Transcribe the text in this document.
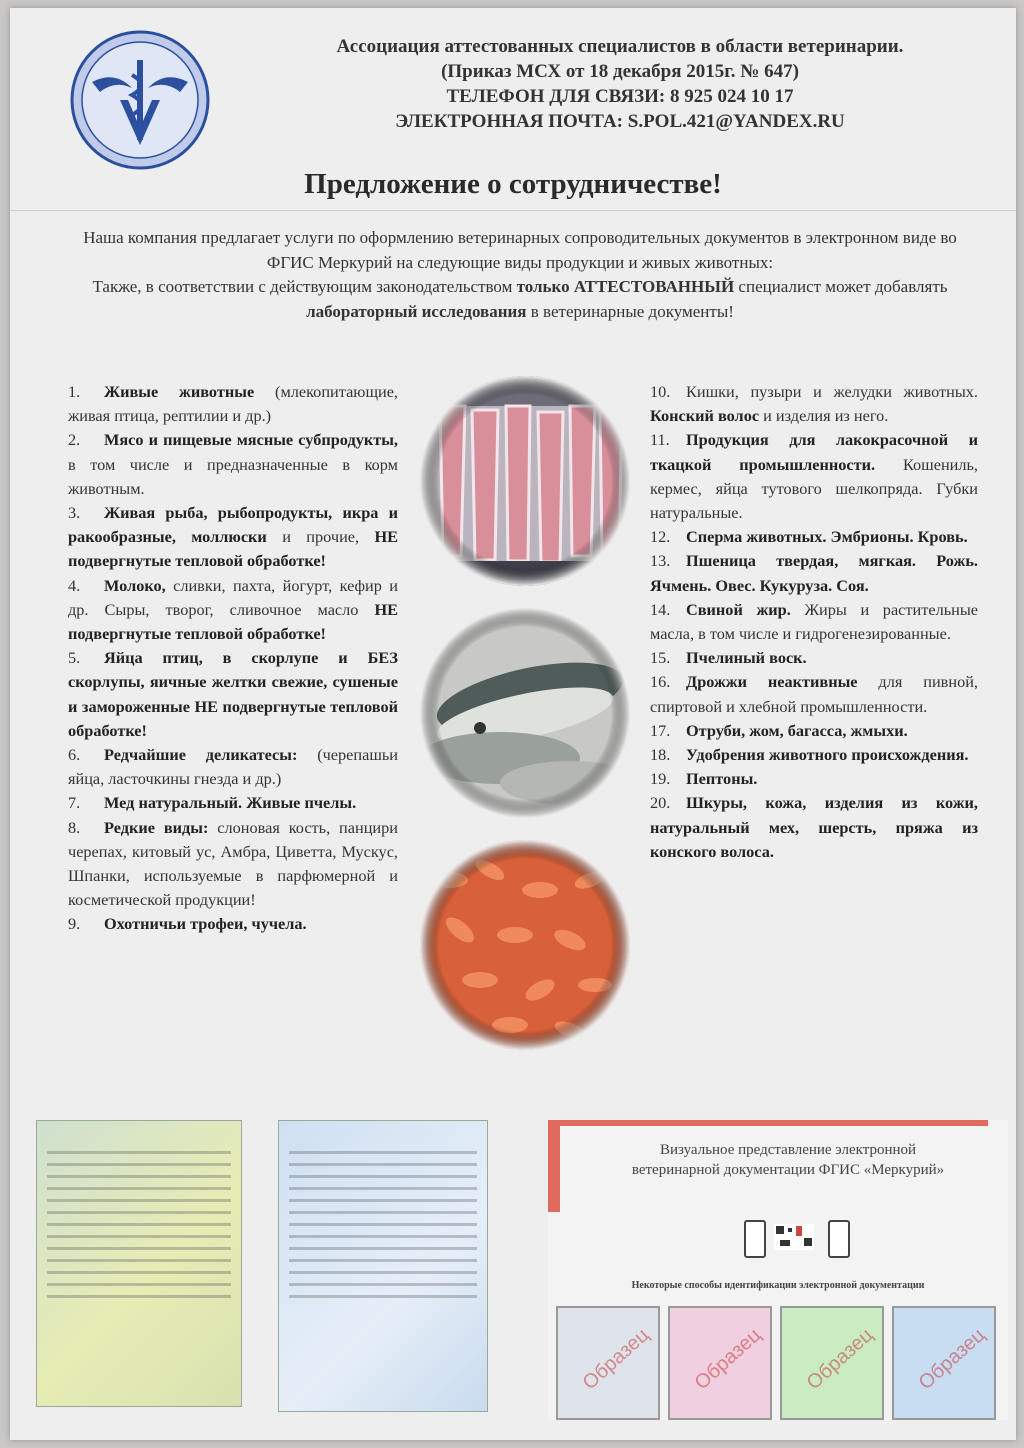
Ассоциация аттестованных специалистов в области ветеринарии.
(Приказ МСХ от 18 декабря 2015г. № 647)
ТЕЛЕФОН ДЛЯ СВЯЗИ: 8 925 024 10 17
ЭЛЕКТРОННАЯ ПОЧТА: S.POL.421@YANDEX.RU
Предложение о сотрудничестве!
Наша компания предлагает услуги по оформлению ветеринарных сопроводительных документов в электронном виде во ФГИС Меркурий на следующие виды продукции и живых животных:
Также, в соответствии с действующим законодательством только АТТЕСТОВАННЫЙ специалист может добавлять лабораторный исследования в ветеринарные документы!

1. Живые животные (млекопитающие, живая птица, рептилии и др.)

2. Мясо и пищевые мясные субпродукты, в том числе и предназначенные в корм животным.

3. Живая рыба, рыбопродукты, икра и ракообразные, моллюски и прочие, НЕ подвергнутые тепловой обработке!

4. Молоко, сливки, пахта, йогурт, кефир и др. Сыры, творог, сливочное масло НЕ подвергнутые тепловой обработке!

5. Яйца птиц, в скорлупе и БЕЗ скорлупы, яичные желтки свежие, сушеные и замороженные НЕ подвергнутые тепловой обработке!

6. Редчайшие деликатесы: (черепашьи яйца, ласточкины гнезда и др.)

7. Мед натуральный. Живые пчелы.

8. Редкие виды: слоновая кость, панцири черепах, китовый ус, Амбра, Циветта, Мускус, Шпанки, используемые в парфюмерной и косметической продукции!

9. Охотничьи трофеи, чучела.

10. Кишки, пузыри и желудки животных. Конский волос и изделия из него.

11. Продукция для лакокрасочной и ткацкой промышленности. Кошениль, кермес, яйца тутового шелкопряда. Губки натуральные.

12. Сперма животных. Эмбрионы. Кровь.

13. Пшеница твердая, мягкая. Рожь. Ячмень. Овес. Кукуруза. Соя.

14. Свиной жир. Жиры и растительные масла, в том числе и гидрогенезированные.

15. Пчелиный воск.

16. Дрожжи неактивные для пивной, спиртовой и хлебной промышленности.

17. Отруби, жом, багасса, жмыхи.

18. Удобрения животного происхождения.

19. Пептоны.

20. Шкуры, кожа, изделия из кожи, натуральный мех, шерсть, пряжа из конского волоса.

Визуальное представление электронной
ветеринарной документации ФГИС «Меркурий»
Некоторые способы идентификации электронной документации
Образец Образец Образец Образец
